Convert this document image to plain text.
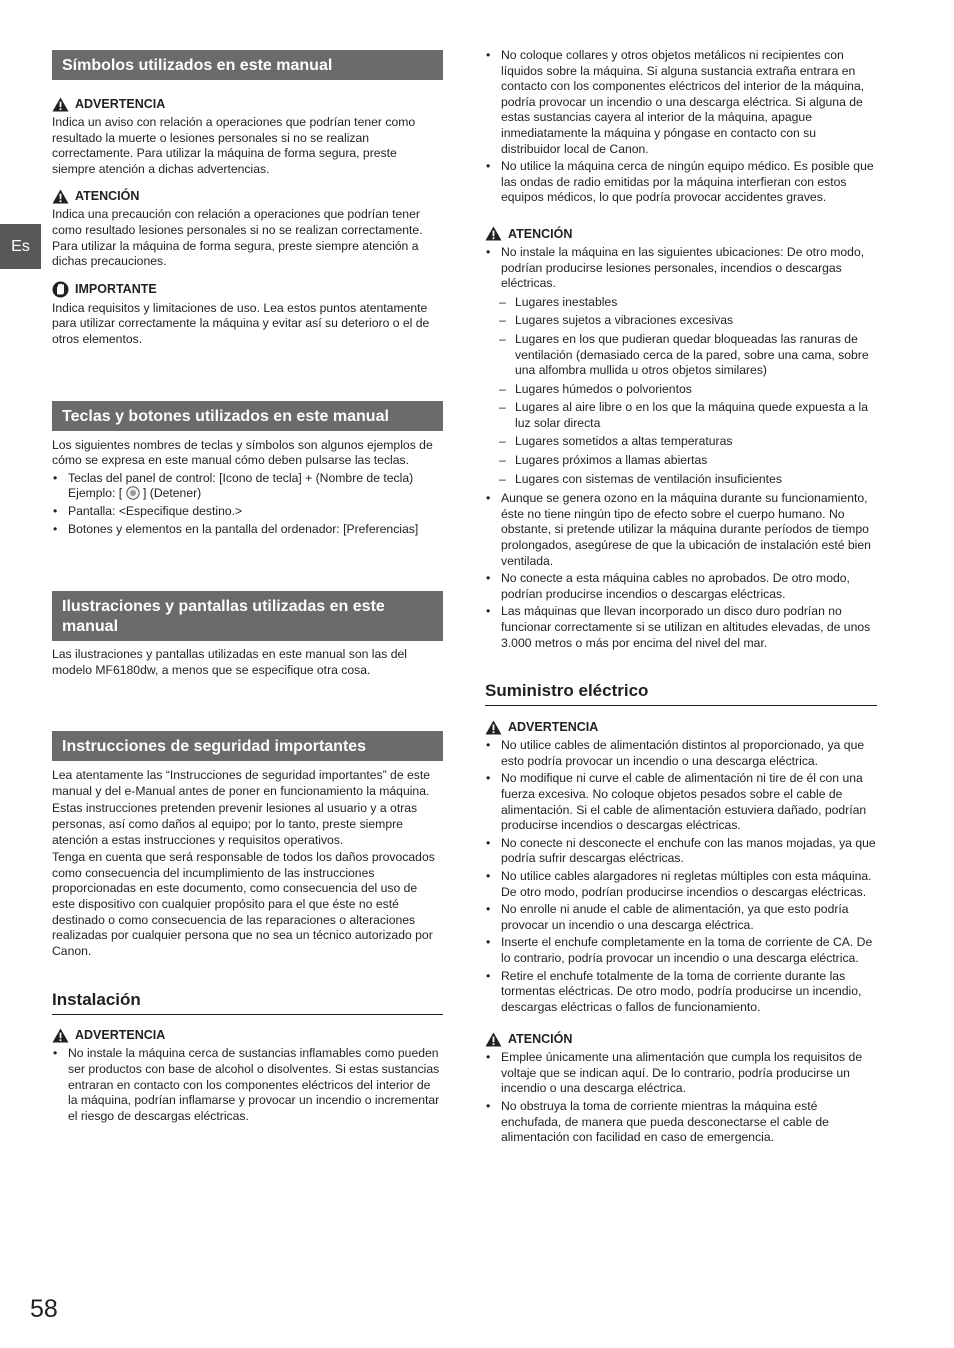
Es
Símbolos utilizados en este manual
ADVERTENCIA

Indica un aviso con relación a operaciones que podrían tener como resultado la muerte o lesiones personales si no se realizan correctamente. Para utilizar la máquina de forma segura, preste siempre atención a dichas advertencias.

ATENCIÓN

Indica una precaución con relación a operaciones que podrían tener como resultado lesiones personales si no se realizan correctamente. Para utilizar la máquina de forma segura, preste siempre atención a dichas precauciones.

IMPORTANTE

Indica requisitos y limitaciones de uso. Lea estos puntos atentamente para utilizar correctamente la máquina y evitar así su deterioro o el de otros elementos.

Teclas y botones utilizados en este manual

Los siguientes nombres de teclas y símbolos son algunos ejemplos de cómo se expresa en este manual cómo deben pulsarse las teclas.

• Teclas del panel de control: [Icono de tecla] + (Nombre de tecla)
Ejemplo: [ ] (Detener)
• Pantalla: <Especifique destino.>
• Botones y elementos en la pantalla del ordenador: [Preferencias]
Ilustraciones y pantallas utilizadas en este manual

Las ilustraciones y pantallas utilizadas en este manual son las del modelo MF6180dw, a menos que se especifique otra cosa.

Instrucciones de seguridad importantes

Lea atentamente las “Instrucciones de seguridad importantes” de este manual y del e-Manual antes de poner en funcionamiento la máquina.

Estas instrucciones pretenden prevenir lesiones al usuario y a otras personas, así como daños al equipo; por lo tanto, preste siempre atención a estas instrucciones y requisitos operativos.

Tenga en cuenta que será responsable de todos los daños provocados como consecuencia del incumplimiento de las instrucciones proporcionadas en este documento, como consecuencia del uso de este dispositivo con cualquier propósito para el que éste no esté destinado o como consecuencia de las reparaciones o alteraciones realizadas por cualquier persona que no sea un técnico autorizado por Canon.

Instalación
ADVERTENCIA
• No instale la máquina cerca de sustancias inflamables como pueden ser productos con base de alcohol o disolventes. Si estas sustancias entraran en contacto con los componentes eléctricos del interior de la máquina, podrían inflamarse y provocar un incendio o incrementar el riesgo de descargas eléctricas.
• No coloque collares y otros objetos metálicos ni recipientes con líquidos sobre la máquina. Si alguna sustancia extraña entrara en contacto con los componentes eléctricos del interior de la máquina, podría provocar un incendio o una descarga eléctrica. Si alguna de estas sustancias cayera al interior de la máquina, apague inmediatamente la máquina y póngase en contacto con su distribuidor local de Canon.
• No utilice la máquina cerca de ningún equipo médico. Es posible que las ondas de radio emitidas por la máquina interfieran con estos equipos médicos, lo que podría provocar accidentes graves.
ATENCIÓN
• No instale la máquina en las siguientes ubicaciones: De otro modo, podrían producirse lesiones personales, incendios o descargas eléctricas.
– Lugares inestables
– Lugares sujetos a vibraciones excesivas
– Lugares en los que pudieran quedar bloqueadas las ranuras de ventilación (demasiado cerca de la pared, sobre una cama, sobre una alfombra mullida u otros objetos similares)
– Lugares húmedos o polvorientos
– Lugares al aire libre o en los que la máquina quede expuesta a la luz solar directa
– Lugares sometidos a altas temperaturas
– Lugares próximos a llamas abiertas
– Lugares con sistemas de ventilación insuficientes
• Aunque se genera ozono en la máquina durante su funcionamiento, éste no tiene ningún tipo de efecto sobre el cuerpo humano. No obstante, si pretende utilizar la máquina durante períodos de tiempo prolongados, asegúrese de que la ubicación de instalación esté bien ventilada.
• No conecte a esta máquina cables no aprobados. De otro modo, podrían producirse incendios o descargas eléctricas.
• Las máquinas que llevan incorporado un disco duro podrían no funcionar correctamente si se utilizan en altitudes elevadas, de unos 3.000 metros o más por encima del nivel del mar.
Suministro eléctrico
ADVERTENCIA
• No utilice cables de alimentación distintos al proporcionado, ya que esto podría provocar un incendio o una descarga eléctrica.
• No modifique ni curve el cable de alimentación ni tire de él con una fuerza excesiva. No coloque objetos pesados sobre el cable de alimentación. Si el cable de alimentación estuviera dañado, podrían producirse incendios o descargas eléctricas.
• No conecte ni desconecte el enchufe con las manos mojadas, ya que podría sufrir descargas eléctricas.
• No utilice cables alargadores ni regletas múltiples con esta máquina. De otro modo, podrían producirse incendios o descargas eléctricas.
• No enrolle ni anude el cable de alimentación, ya que esto podría provocar un incendio o una descarga eléctrica.
• Inserte el enchufe completamente en la toma de corriente de CA. De lo contrario, podría provocar un incendio o una descarga eléctrica.
• Retire el enchufe totalmente de la toma de corriente durante las tormentas eléctricas. De otro modo, podría producirse un incendio, descargas eléctricas o fallos de funcionamiento.
ATENCIÓN
• Emplee únicamente una alimentación que cumpla los requisitos de voltaje que se indican aquí. De lo contrario, podría producirse un incendio o una descarga eléctrica.
• No obstruya la toma de corriente mientras la máquina esté enchufada, de manera que pueda desconectarse el cable de alimentación con facilidad en caso de emergencia.
58
